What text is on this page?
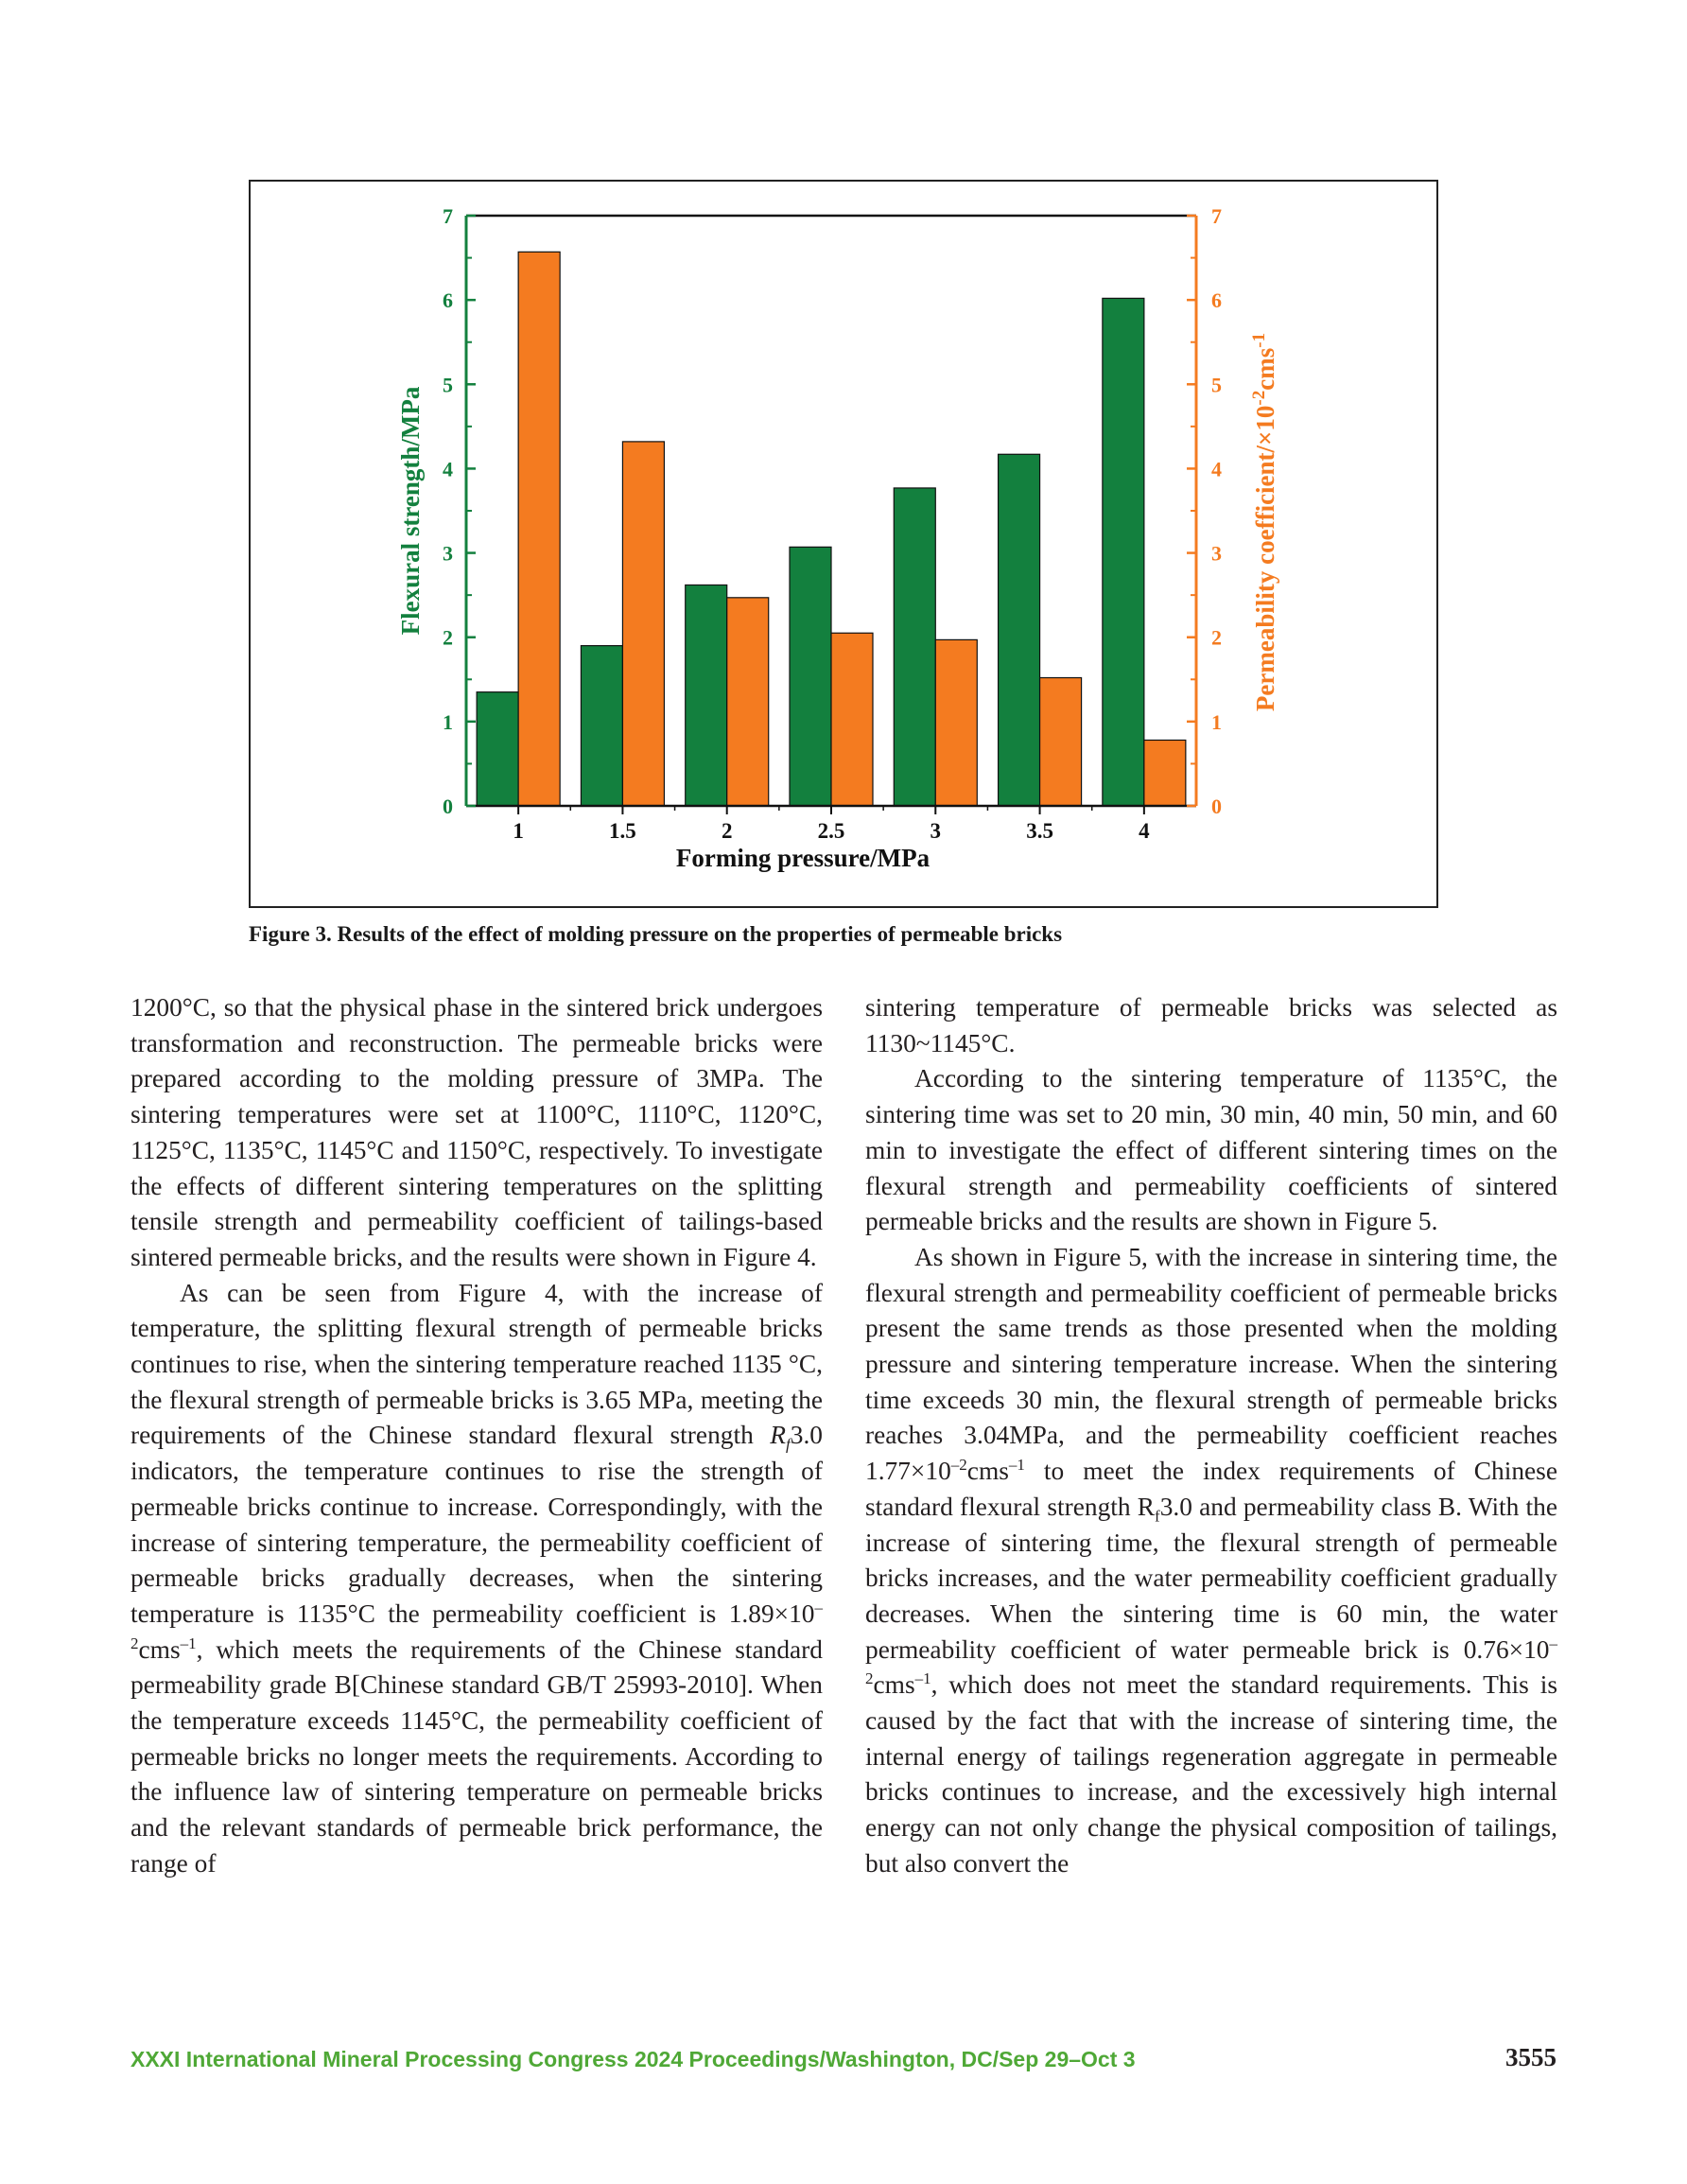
0	0
1	1
2	2
3	3
4	4
5	5
6	6
7	7
1	1.5	2	2.5	3	3.5	4
Forming pressure/MPa
Flexural strength/MPa	Permeability coefficient/$\times 10^{-2}cms^{-1}$
Figure 3. Results of the effect of molding pressure on the properties of permeable bricks

1200°C, so that the physical phase in the sintered brick undergoes transformation and reconstruction. The permeable bricks were prepared according to the molding pressure of 3MPa. The sintering temperatures were set at 1100°C, 1110°C, 1120°C, 1125°C, 1135°C, 1145°C and 1150°C, respectively. To investigate the effects of different sintering temperatures on the splitting tensile strength and permeability coefficient of tailings-based sintered permeable bricks, and the results were shown in Figure 4.

As can be seen from Figure 4, with the increase of temperature, the splitting flexural strength of permeable bricks continues to rise, when the sintering temperature reached 1135 °C, the flexural strength of permeable bricks is 3.65 MPa, meeting the requirements of the Chinese standard flexural strength $R_f3.0$ indicators, the temperature continues to rise the strength of permeable bricks continue to increase. Correspondingly, with the increase of sintering temperature, the permeability coefficient of permeable bricks gradually decreases, when the sintering temperature is 1135°C the permeability coefficient is $1.89\times 10^{-2}cms^{-1}$, which meets the requirements of the Chinese standard permeability grade B[Chinese standard GB/T 25993-2010]. When the temperature exceeds 1145°C, the permeability coefficient of permeable bricks no longer meets the requirements. According to the influence law of sintering temperature on permeable bricks and the relevant standards of permeable brick performance, the range of

sintering temperature of permeable bricks was selected as 1130~1145°C.

According to the sintering temperature of 1135°C, the sintering time was set to 20 min, 30 min, 40 min, 50 min, and 60 min to investigate the effect of different sintering times on the flexural strength and permeability coefficients of sintered permeable bricks and the results are shown in Figure 5.

As shown in Figure 5, with the increase in sintering time, the flexural strength and permeability coefficient of permeable bricks present the same trends as those presented when the molding pressure and sintering temperature increase. When the sintering time exceeds 30 min, the flexural strength of permeable bricks reaches 3.04MPa, and the permeability coefficient reaches $1.77\times 10^{-2}cms^{-1}$ to meet the index requirements of Chinese standard flexural strength $R_f3.0$ and permeability class B. With the increase of sintering time, the flexural strength of permeable bricks increases, and the water permeability coefficient gradually decreases. When the sintering time is 60 min, the water permeability coefficient of water permeable brick is $0.76\times 10^{-2}cms^{-1}$, which does not meet the standard requirements. This is caused by the fact that with the increase of sintering time, the internal energy of tailings regeneration aggregate in permeable bricks continues to increase, and the excessively high internal energy can not only change the physical composition of tailings, but also convert the

XXXI International Mineral Processing Congress 2024 Proceedings/Washington, DC/Sep 29–Oct 3	3555
